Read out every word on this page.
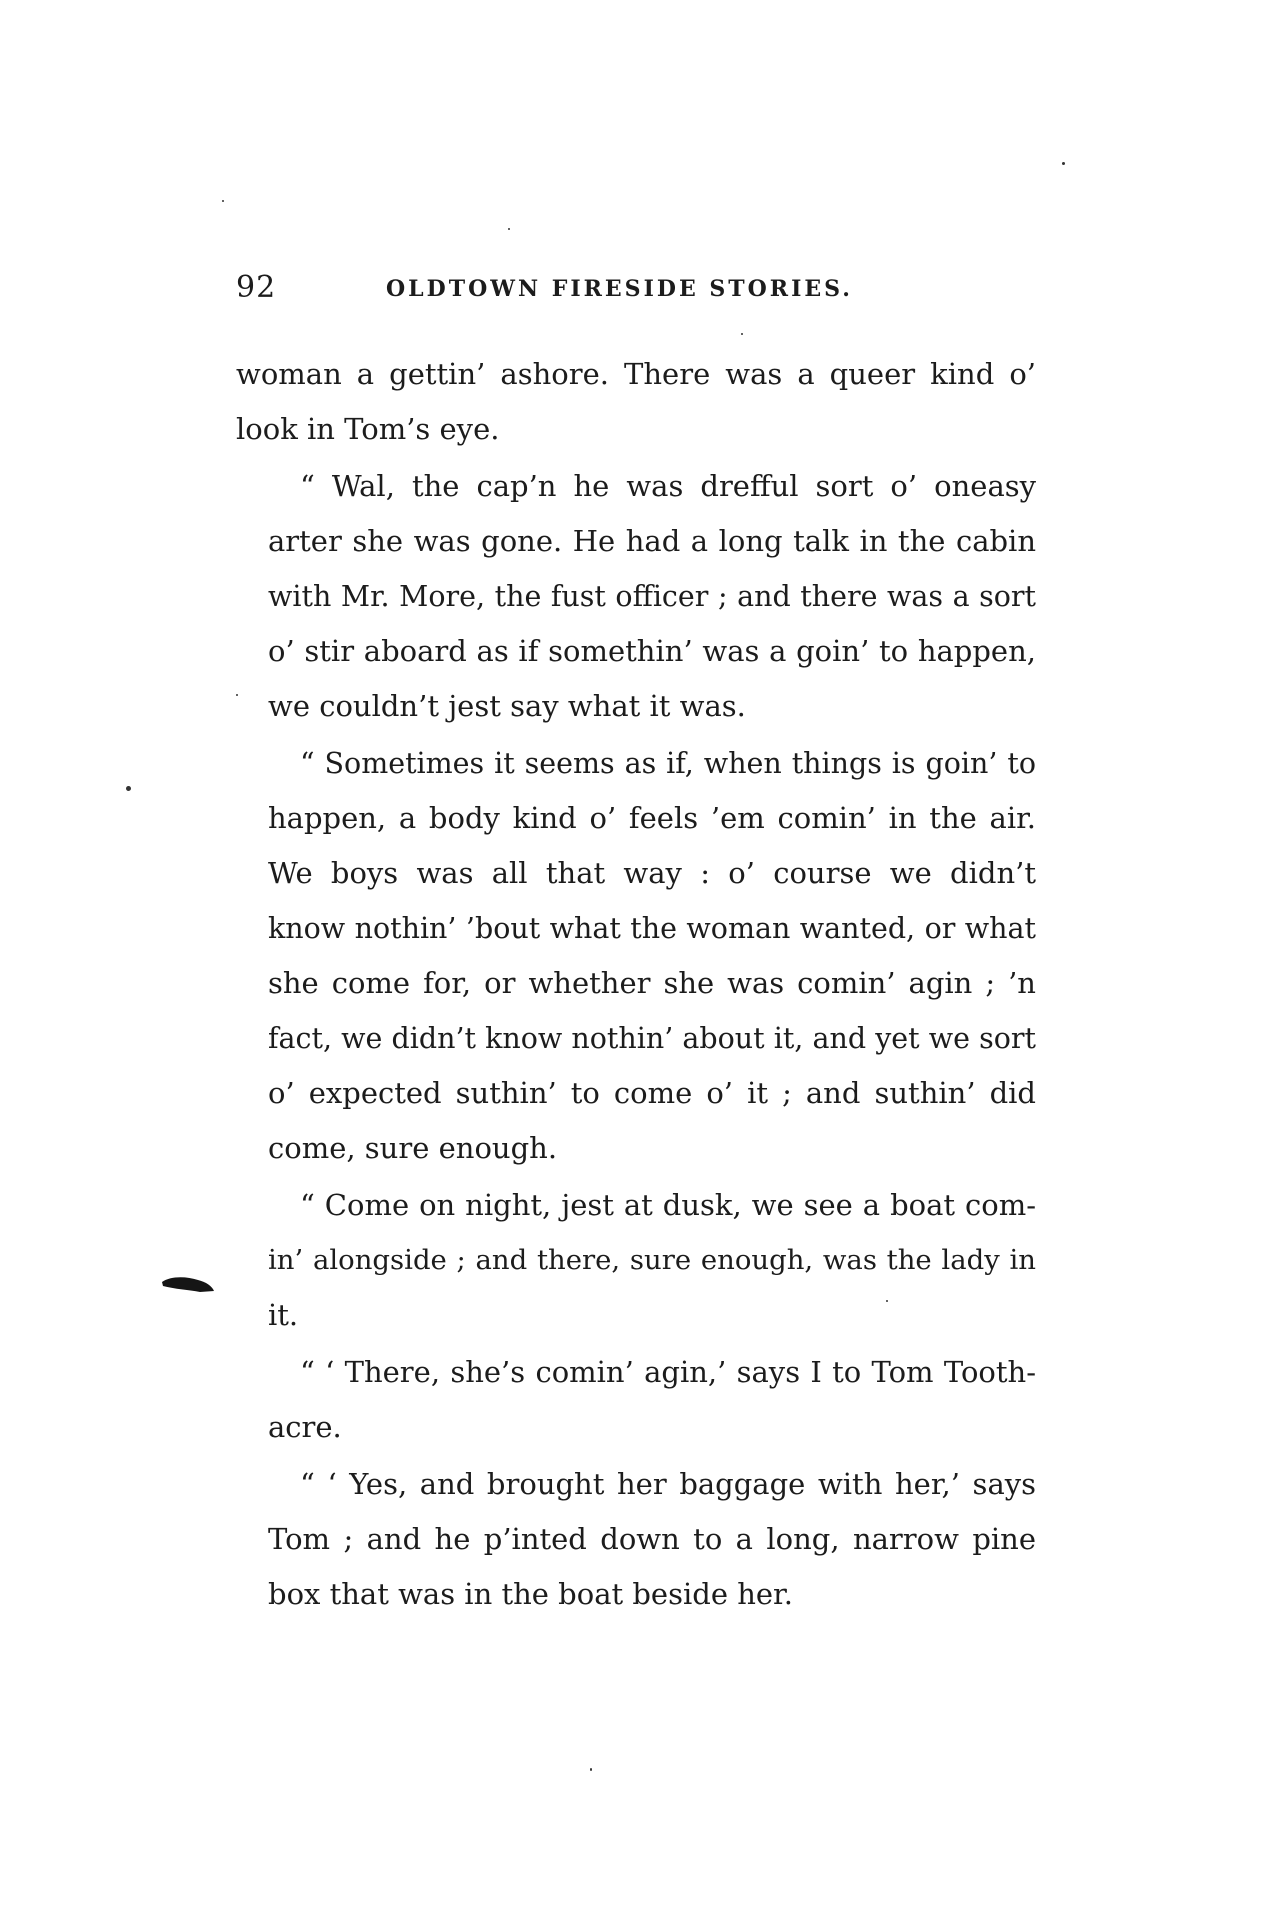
92	OLDTOWN FIRESIDE STORIES.
woman a gettin’ ashore. There was a queer kind o’
look in Tom’s eye.
“ Wal, the cap’n he was drefful sort o’ oneasy
arter she was gone. He had a long talk in the cabin
with Mr. More, the fust officer ; and there was a sort
o’ stir aboard as if somethin’ was a goin’ to happen,
we couldn’t jest say what it was.
“ Sometimes it seems as if, when things is goin’ to
happen, a body kind o’ feels ’em comin’ in the air.
We boys was all that way : o’ course we didn’t
know nothin’ ’bout what the woman wanted, or what
she come for, or whether she was comin’ agin ; ’n
fact, we didn’t know nothin’ about it, and yet we sort
o’ expected suthin’ to come o’ it ; and suthin’ did
come, sure enough.
“ Come on night, jest at dusk, we see a boat com-
in’ alongside ; and there, sure enough, was the lady in
it.
“ ‘ There, she’s comin’ agin,’ says I to Tom Tooth-
acre.
“ ‘ Yes, and brought her baggage with her,’ says
Tom ; and he p’inted down to a long, narrow pine
box that was in the boat beside her.
